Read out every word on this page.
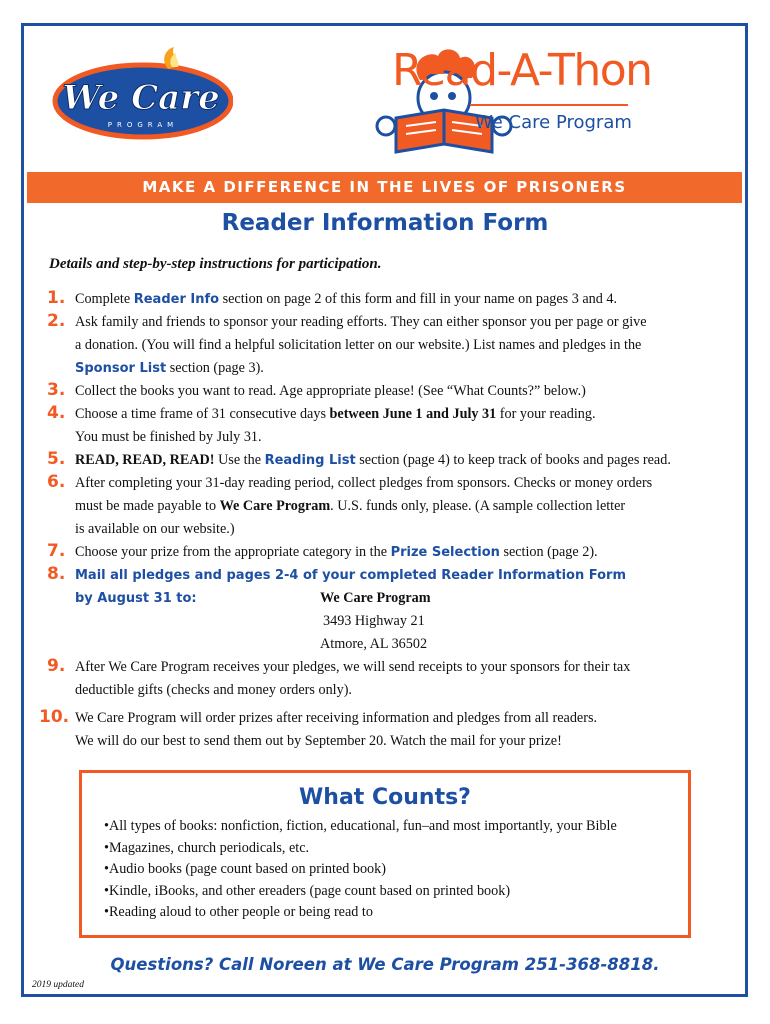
We Care
PROGRAM
Read-A-Thon
We Care Program
MAKE A DIFFERENCE IN THE LIVES OF PRISONERS
Reader Information Form
Details and step-by-step instructions for participation.
1. Complete Reader Info section on page 2 of this form and fill in your name on pages 3 and 4.
2. Ask family and friends to sponsor your reading efforts. They can either sponsor you per page or give
a donation. (You will find a helpful solicitation letter on our website.) List names and pledges in the
Sponsor List section (page 3).
3. Collect the books you want to read. Age appropriate please! (See “What Counts?” below.)
4. Choose a time frame of 31 consecutive days between June 1 and July 31 for your reading.
You must be finished by July 31.
5. READ, READ, READ! Use the Reading List section (page 4) to keep track of books and pages read.
6. After completing your 31-day reading period, collect pledges from sponsors. Checks or money orders
must be made payable to We Care Program. U.S. funds only, please. (A sample collection letter
is available on our website.)
7. Choose your prize from the appropriate category in the Prize Selection section (page 2).
8. Mail all pledges and pages 2-4 of your completed Reader Information Form
by August 31 to:	We Care Program
3493 Highway 21
Atmore, AL 36502
9. After We Care Program receives your pledges, we will send receipts to your sponsors for their tax
deductible gifts (checks and money orders only).
10. We Care Program will order prizes after receiving information and pledges from all readers.
We will do our best to send them out by September 20. Watch the mail for your prize!
What Counts?
• All types of books: nonfiction, fiction, educational, fun–and most importantly, your Bible
• Magazines, church periodicals, etc.
• Audio books (page count based on printed book)
• Kindle, iBooks, and other ereaders (page count based on printed book)
• Reading aloud to other people or being read to
Questions? Call Noreen at We Care Program 251-368-8818.
2019 updated
